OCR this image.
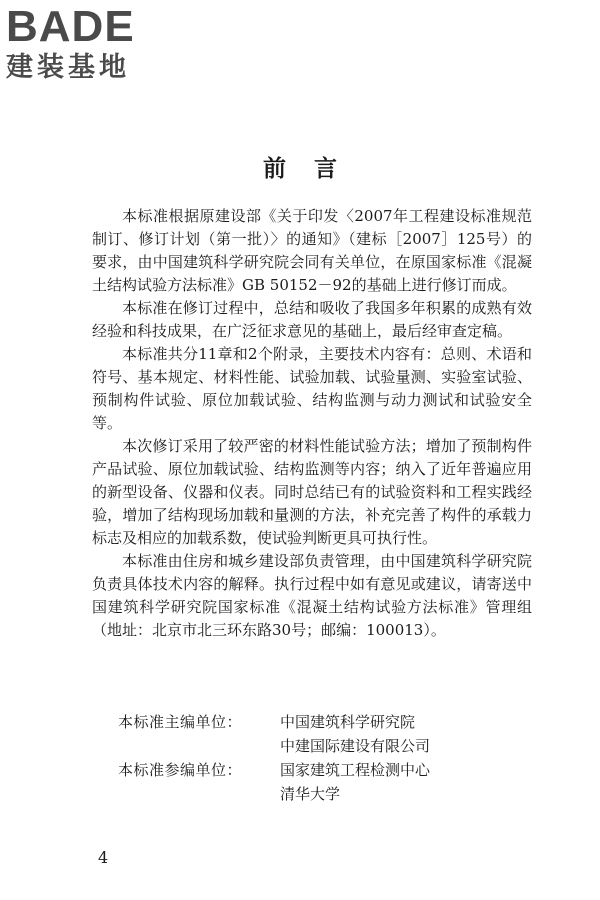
BADE
建装基地
前言

本标准根据原建设部《关于印发〈2007年工程建设标准规范制订、修订计划（第一批）〉的通知》（建标［2007］125号）的要求，由中国建筑科学研究院会同有关单位，在原国家标准《混凝土结构试验方法标准》GB 50152－92的基础上进行修订而成。

本标准在修订过程中，总结和吸收了我国多年积累的成熟有效经验和科技成果，在广泛征求意见的基础上，最后经审查定稿。

本标准共分11章和2个附录，主要技术内容有：总则、术语和符号、基本规定、材料性能、试验加载、试验量测、实验室试验、预制构件试验、原位加载试验、结构监测与动力测试和试验安全等。

本次修订采用了较严密的材料性能试验方法；增加了预制构件产品试验、原位加载试验、结构监测等内容；纳入了近年普遍应用的新型设备、仪器和仪表。同时总结已有的试验资料和工程实践经验，增加了结构现场加载和量测的方法，补充完善了构件的承载力标志及相应的加载系数，使试验判断更具可执行性。

本标准由住房和城乡建设部负责管理，由中国建筑科学研究院负责具体技术内容的解释。执行过程中如有意见或建议，请寄送中国建筑科学研究院国家标准《混凝土结构试验方法标准》管理组（地址：北京市北三环东路30号；邮编：100013）。

本标准主编单位：	中国建筑科学研究院
中建国际建设有限公司
本标准参编单位：	国家建筑工程检测中心
清华大学
4
